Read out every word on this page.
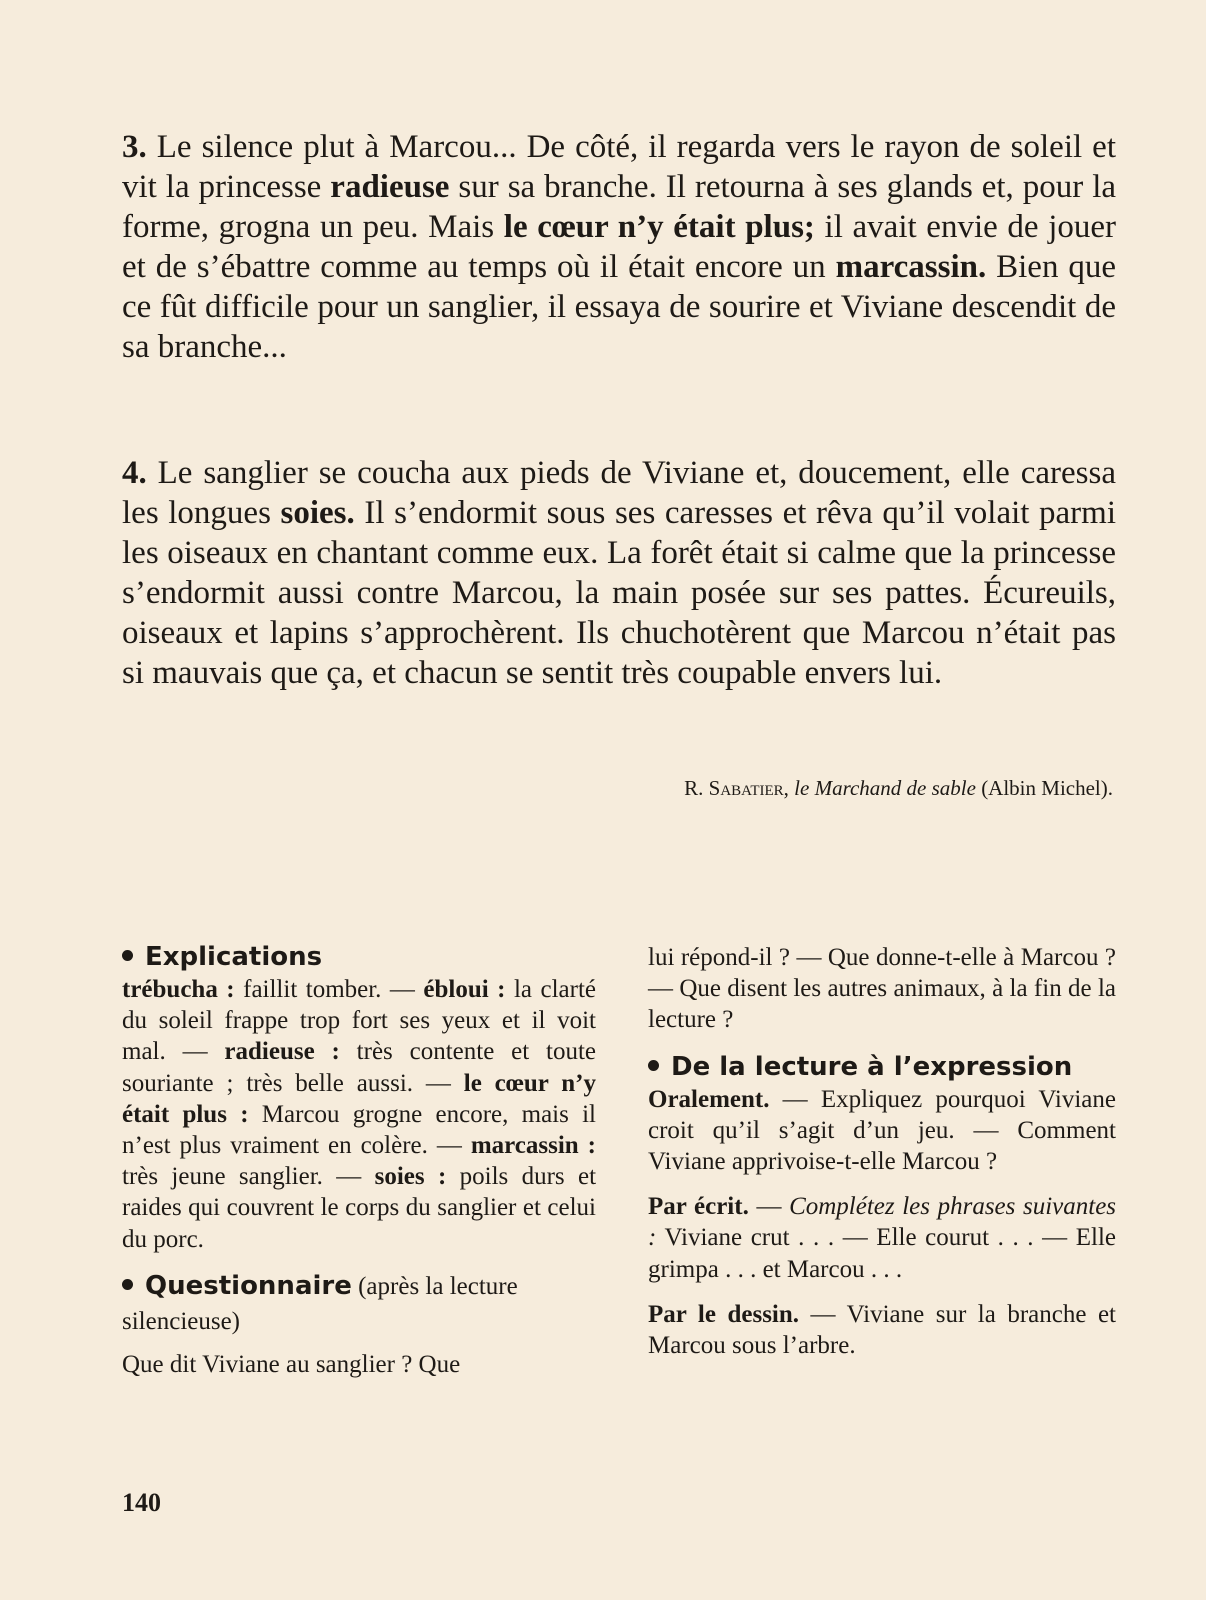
3. Le silence plut à Marcou... De côté, il regarda vers le rayon de soleil et vit la princesse radieuse sur sa branche. Il retourna à ses glands et, pour la forme, grogna un peu. Mais le cœur n’y était plus; il avait envie de jouer et de s’ébattre comme au temps où il était encore un marcassin. Bien que ce fût difficile pour un sanglier, il essaya de sourire et Viviane descendit de sa branche...

4. Le sanglier se coucha aux pieds de Viviane et, doucement, elle caressa les longues soies. Il s’endormit sous ses caresses et rêva qu’il volait parmi les oiseaux en chantant comme eux. La forêt était si calme que la princesse s’endormit aussi contre Marcou, la main posée sur ses pattes. Écureuils, oiseaux et lapins s’approchèrent. Ils chuchotèrent que Marcou n’était pas si mauvais que ça, et chacun se sentit très coupable envers lui.

R. Sabatier, le Marchand de sable (Albin Michel).

Explications

trébucha : faillit tomber. — ébloui : la clarté du soleil frappe trop fort ses yeux et il voit mal. — radieuse : très contente et toute souriante ; très belle aussi. — le cœur n’y était plus : Marcou grogne encore, mais il n’est plus vraiment en colère. — marcassin : très jeune sanglier. — soies : poils durs et raides qui couvrent le corps du sanglier et celui du porc.

Questionnaire (après la lecture silencieuse)

Que dit Viviane au sanglier ? Que

lui répond-il ? — Que donne-t-elle à Marcou ? — Que disent les autres animaux, à la fin de la lecture ?

De la lecture à l’expression

Oralement. — Expliquez pourquoi Viviane croit qu’il s’agit d’un jeu. — Comment Viviane apprivoise-t-elle Marcou ?

Par écrit. — Complétez les phrases suivantes : Viviane crut . . . — Elle courut . . . — Elle grimpa . . . et Marcou . . .

Par le dessin. — Viviane sur la branche et Marcou sous l’arbre.

140
